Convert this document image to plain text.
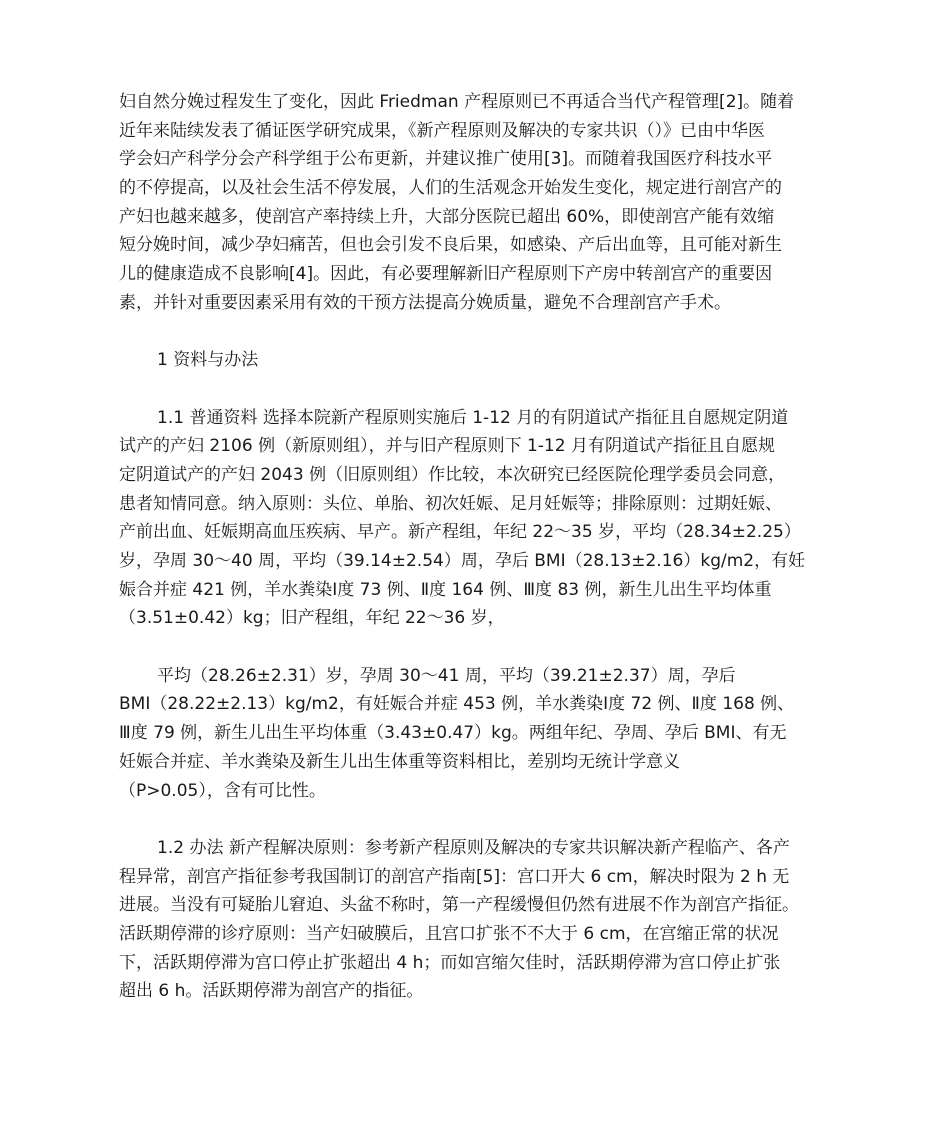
妇自然分娩过程发生了变化，因此 Friedman 产程原则已不再适合当代产程管理[2]。随着
近年来陆续发表了循证医学研究成果，《新产程原则及解决的专家共识（）》已由中华医
学会妇产科学分会产科学组于公布更新，并建议推广使用[3]。而随着我国医疗科技水平
的不停提高，以及社会生活不停发展，人们的生活观念开始发生变化，规定进行剖宫产的
产妇也越来越多，使剖宫产率持续上升，大部分医院已超出 60%，即使剖宫产能有效缩
短分娩时间，减少孕妇痛苦，但也会引发不良后果，如感染、产后出血等，且可能对新生
儿的健康造成不良影响[4]。因此，有必要理解新旧产程原则下产房中转剖宫产的重要因
素，并针对重要因素采用有效的干预方法提高分娩质量，避免不合理剖宫产手术。
1 资料与办法
1.1 普通资料 选择本院新产程原则实施后 1-12 月的有阴道试产指征且自愿规定阴道
试产的产妇 2106 例（新原则组），并与旧产程原则下 1-12 月有阴道试产指征且自愿规
定阴道试产的产妇 2043 例（旧原则组）作比较，本次研究已经医院伦理学委员会同意，
患者知情同意。纳入原则：头位、单胎、初次妊娠、足月妊娠等；排除原则：过期妊娠、
产前出血、妊娠期高血压疾病、早产。新产程组，年纪 22～35 岁，平均（28.34±2.25）
岁，孕周 30～40 周，平均（39.14±2.54）周，孕后 BMI（28.13±2.16）kg/m2，有妊
娠合并症 421 例，羊水粪染Ⅰ度 73 例、Ⅱ度 164 例、Ⅲ度 83 例，新生儿出生平均体重
（3.51±0.42）kg；旧产程组，年纪 22～36 岁，
平均（28.26±2.31）岁，孕周 30～41 周，平均（39.21±2.37）周，孕后
BMI（28.22±2.13）kg/m2，有妊娠合并症 453 例，羊水粪染Ⅰ度 72 例、Ⅱ度 168 例、
Ⅲ度 79 例，新生儿出生平均体重（3.43±0.47）kg。两组年纪、孕周、孕后 BMI、有无
妊娠合并症、羊水粪染及新生儿出生体重等资料相比，差别均无统计学意义
（P>0.05），含有可比性。
1.2 办法 新产程解决原则：参考新产程原则及解决的专家共识解决新产程临产、各产
程异常，剖宫产指征参考我国制订的剖宫产指南[5]：宫口开大 6 cm，解决时限为 2 h 无
进展。当没有可疑胎儿窘迫、头盆不称时，第一产程缓慢但仍然有进展不作为剖宫产指征。
活跃期停滞的诊疗原则：当产妇破膜后，且宫口扩张不不大于 6 cm，在宫缩正常的状况
下，活跃期停滞为宫口停止扩张超出 4 h；而如宫缩欠佳时，活跃期停滞为宫口停止扩张
超出 6 h。活跃期停滞为剖宫产的指征。
